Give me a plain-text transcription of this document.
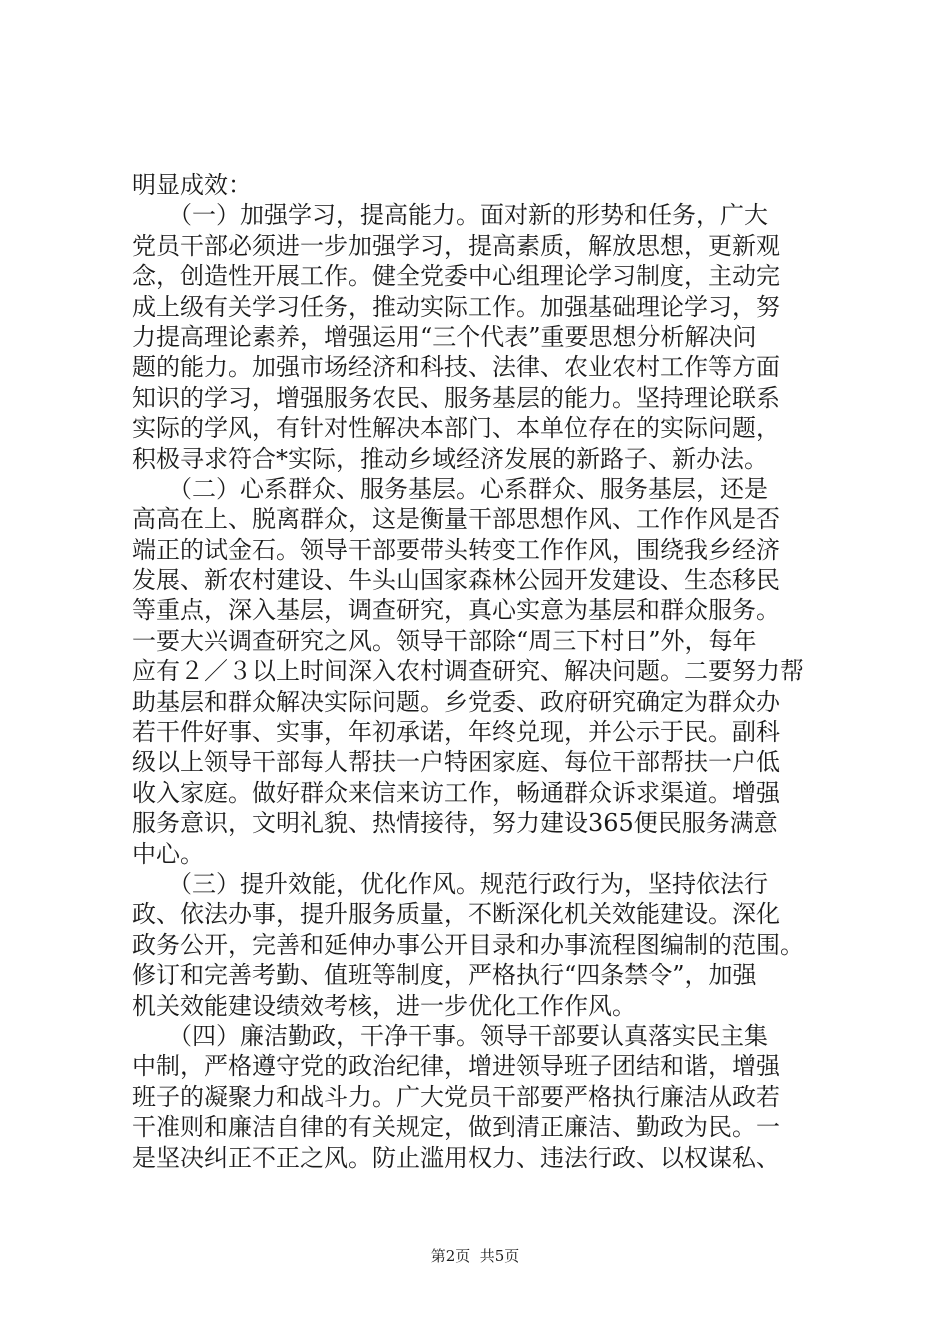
明显成效：
　　（一）加强学习，提高能力。面对新的形势和任务，广大
党员干部必须进一步加强学习，提高素质，解放思想，更新观
念，创造性开展工作。健全党委中心组理论学习制度，主动完
成上级有关学习任务，推动实际工作。加强基础理论学习，努
力提高理论素养，增强运用“三个代表”重要思想分析解决问
题的能力。加强市场经济和科技、法律、农业农村工作等方面
知识的学习，增强服务农民、服务基层的能力。坚持理论联系
实际的学风，有针对性解决本部门、本单位存在的实际问题，
积极寻求符合*实际，推动乡域经济发展的新路子、新办法。
　　（二）心系群众、服务基层。心系群众、服务基层，还是
高高在上、脱离群众，这是衡量干部思想作风、工作作风是否
端正的试金石。领导干部要带头转变工作作风，围绕我乡经济
发展、新农村建设、牛头山国家森林公园开发建设、生态移民
等重点，深入基层，调查研究，真心实意为基层和群众服务。
一要大兴调查研究之风。领导干部除“周三下村日”外，每年
应有２／３以上时间深入农村调查研究、解决问题。二要努力帮
助基层和群众解决实际问题。乡党委、政府研究确定为群众办
若干件好事、实事，年初承诺，年终兑现，并公示于民。副科
级以上领导干部每人帮扶一户特困家庭、每位干部帮扶一户低
收入家庭。做好群众来信来访工作，畅通群众诉求渠道。增强
服务意识，文明礼貌、热情接待，努力建设365便民服务满意
中心。
　　（三）提升效能，优化作风。规范行政行为，坚持依法行
政、依法办事，提升服务质量，不断深化机关效能建设。深化
政务公开，完善和延伸办事公开目录和办事流程图编制的范围。
修订和完善考勤、值班等制度，严格执行“四条禁令”，加强
机关效能建设绩效考核，进一步优化工作作风。
　　（四）廉洁勤政，干净干事。领导干部要认真落实民主集
中制，严格遵守党的政治纪律，增进领导班子团结和谐，增强
班子的凝聚力和战斗力。广大党员干部要严格执行廉洁从政若
干准则和廉洁自律的有关规定，做到清正廉洁、勤政为民。一
是坚决纠正不正之风。防止滥用权力、违法行政、以权谋私、
第2页  共5页
